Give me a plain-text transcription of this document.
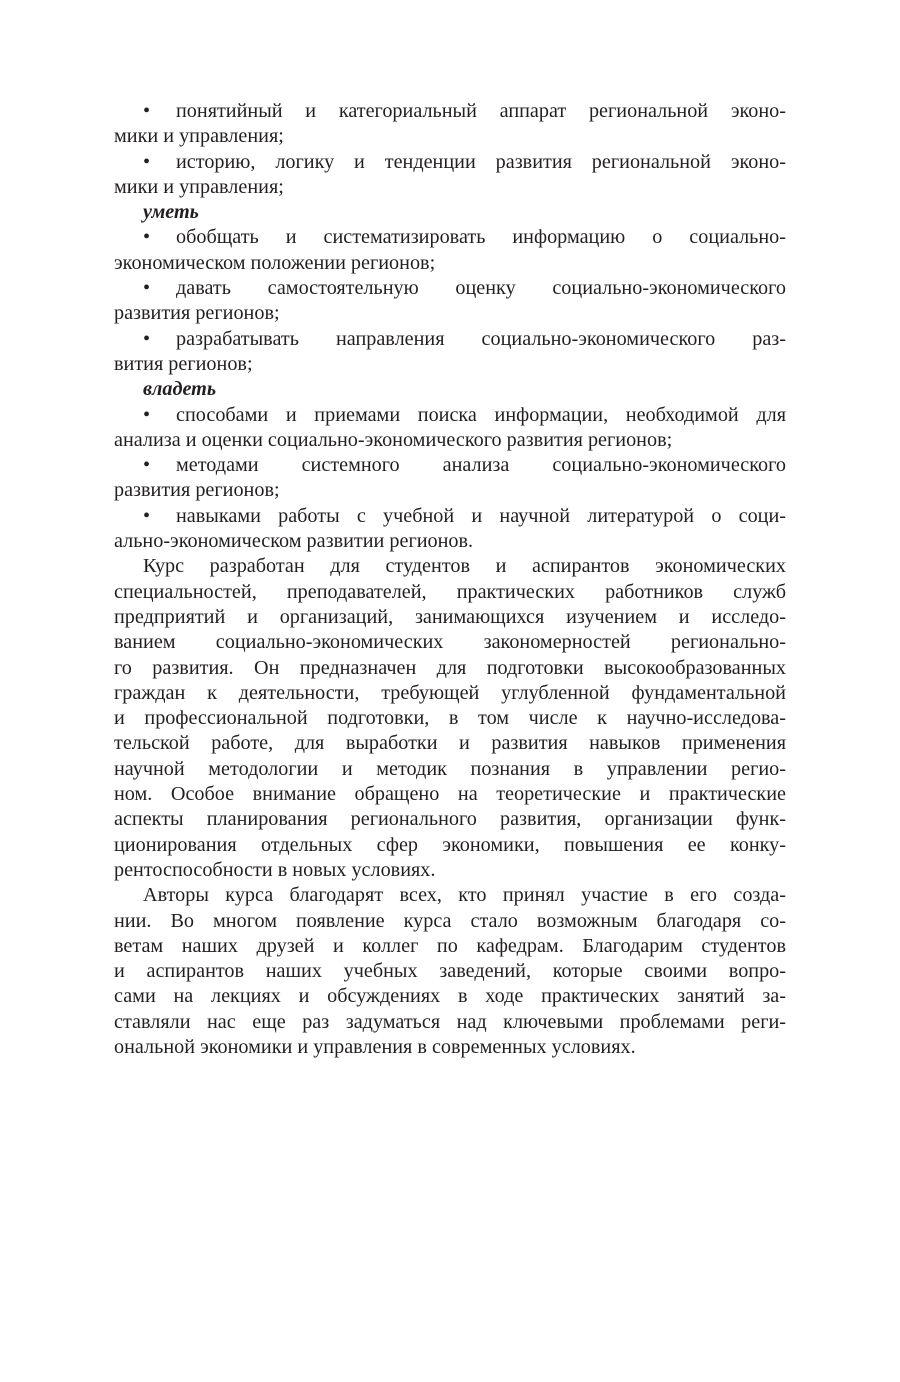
•	понятийный и категориальный аппарат региональной эконо-
мики и управления;
•	историю, логику и тенденции развития региональной эконо-
мики и управления;
уметь
•	обобщать и систематизировать информацию о социально-
экономическом положении регионов;
•	давать самостоятельную оценку социально-экономического
развития регионов;
•	разрабатывать направления социально-экономического раз-
вития регионов;
владеть
•	способами и приемами поиска информации, необходимой для
анализа и оценки социально-экономического развития регионов;
•	методами системного анализа социально-экономического
развития регионов;
•	навыками работы с учебной и научной литературой о соци-
ально-экономическом развитии регионов.
Курс разработан для студентов и аспирантов экономических
специальностей, преподавателей, практических работников служб
предприятий и организаций, занимающихся изучением и исследо-
ванием социально-экономических закономерностей регионально-
го развития. Он предназначен для подготовки высокообразованных
граждан к деятельности, требующей углубленной фундаментальной
и профессиональной подготовки, в том числе к научно-исследова-
тельской работе, для выработки и развития навыков применения
научной методологии и методик познания в управлении регио-
ном. Особое внимание обращено на теоретические и практические
аспекты планирования регионального развития, организации функ-
ционирования отдельных сфер экономики, повышения ее конку-
рентоспособности в новых условиях.
Авторы курса благодарят всех, кто принял участие в его созда-
нии. Во многом появление курса стало возможным благодаря со-
ветам наших друзей и коллег по кафедрам. Благодарим студентов
и аспирантов наших учебных заведений, которые своими вопро-
сами на лекциях и обсуждениях в ходе практических занятий за-
ставляли нас еще раз задуматься над ключевыми проблемами реги-
ональной экономики и управления в современных условиях.
